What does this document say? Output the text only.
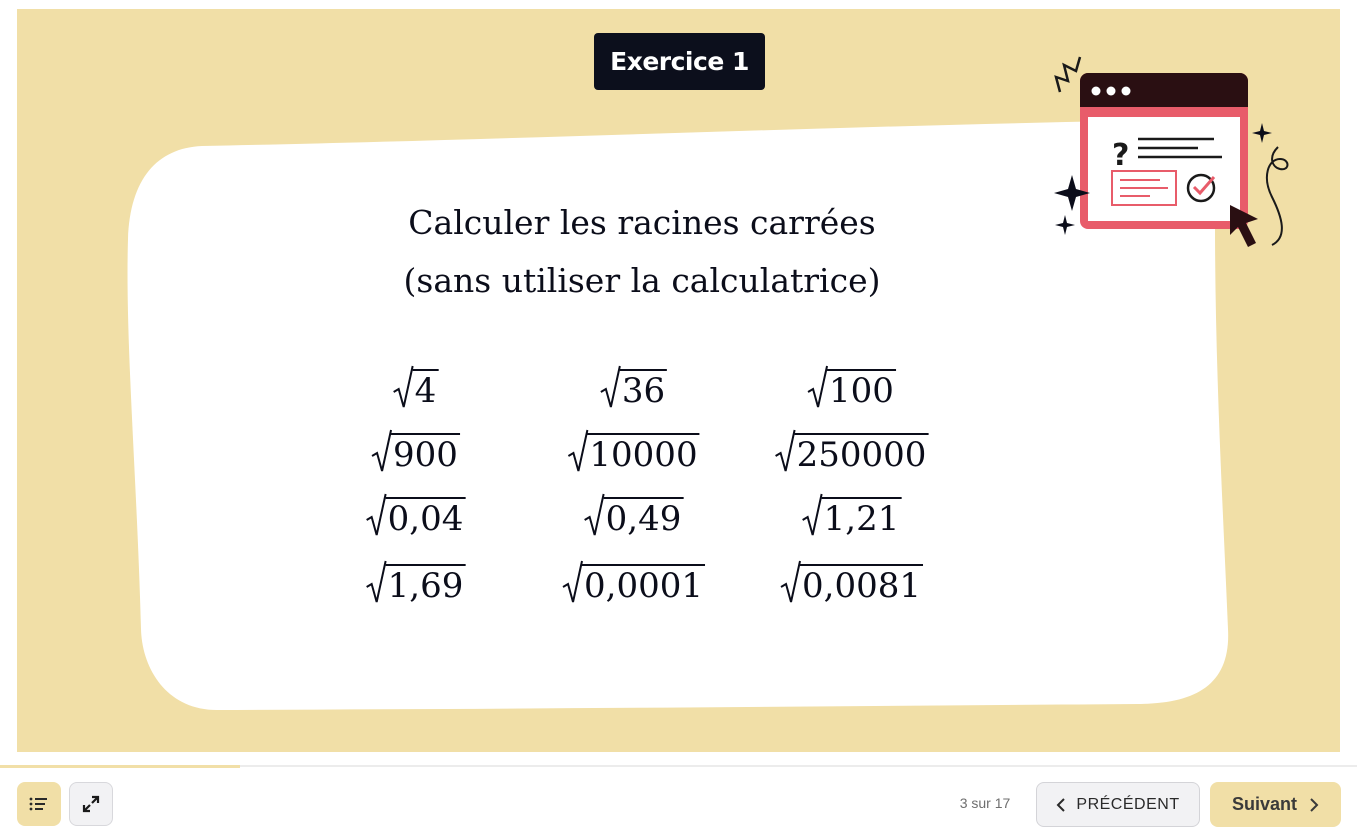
Exercice 1
Calculer les racines carrées
(sans utiliser la calculatrice)
4	36	100
900	10000	250000
0,04	0,49	1,21
1,69	0,0001	0,0081
?
3 sur 17	PRÉCÉDENT	Suivant
